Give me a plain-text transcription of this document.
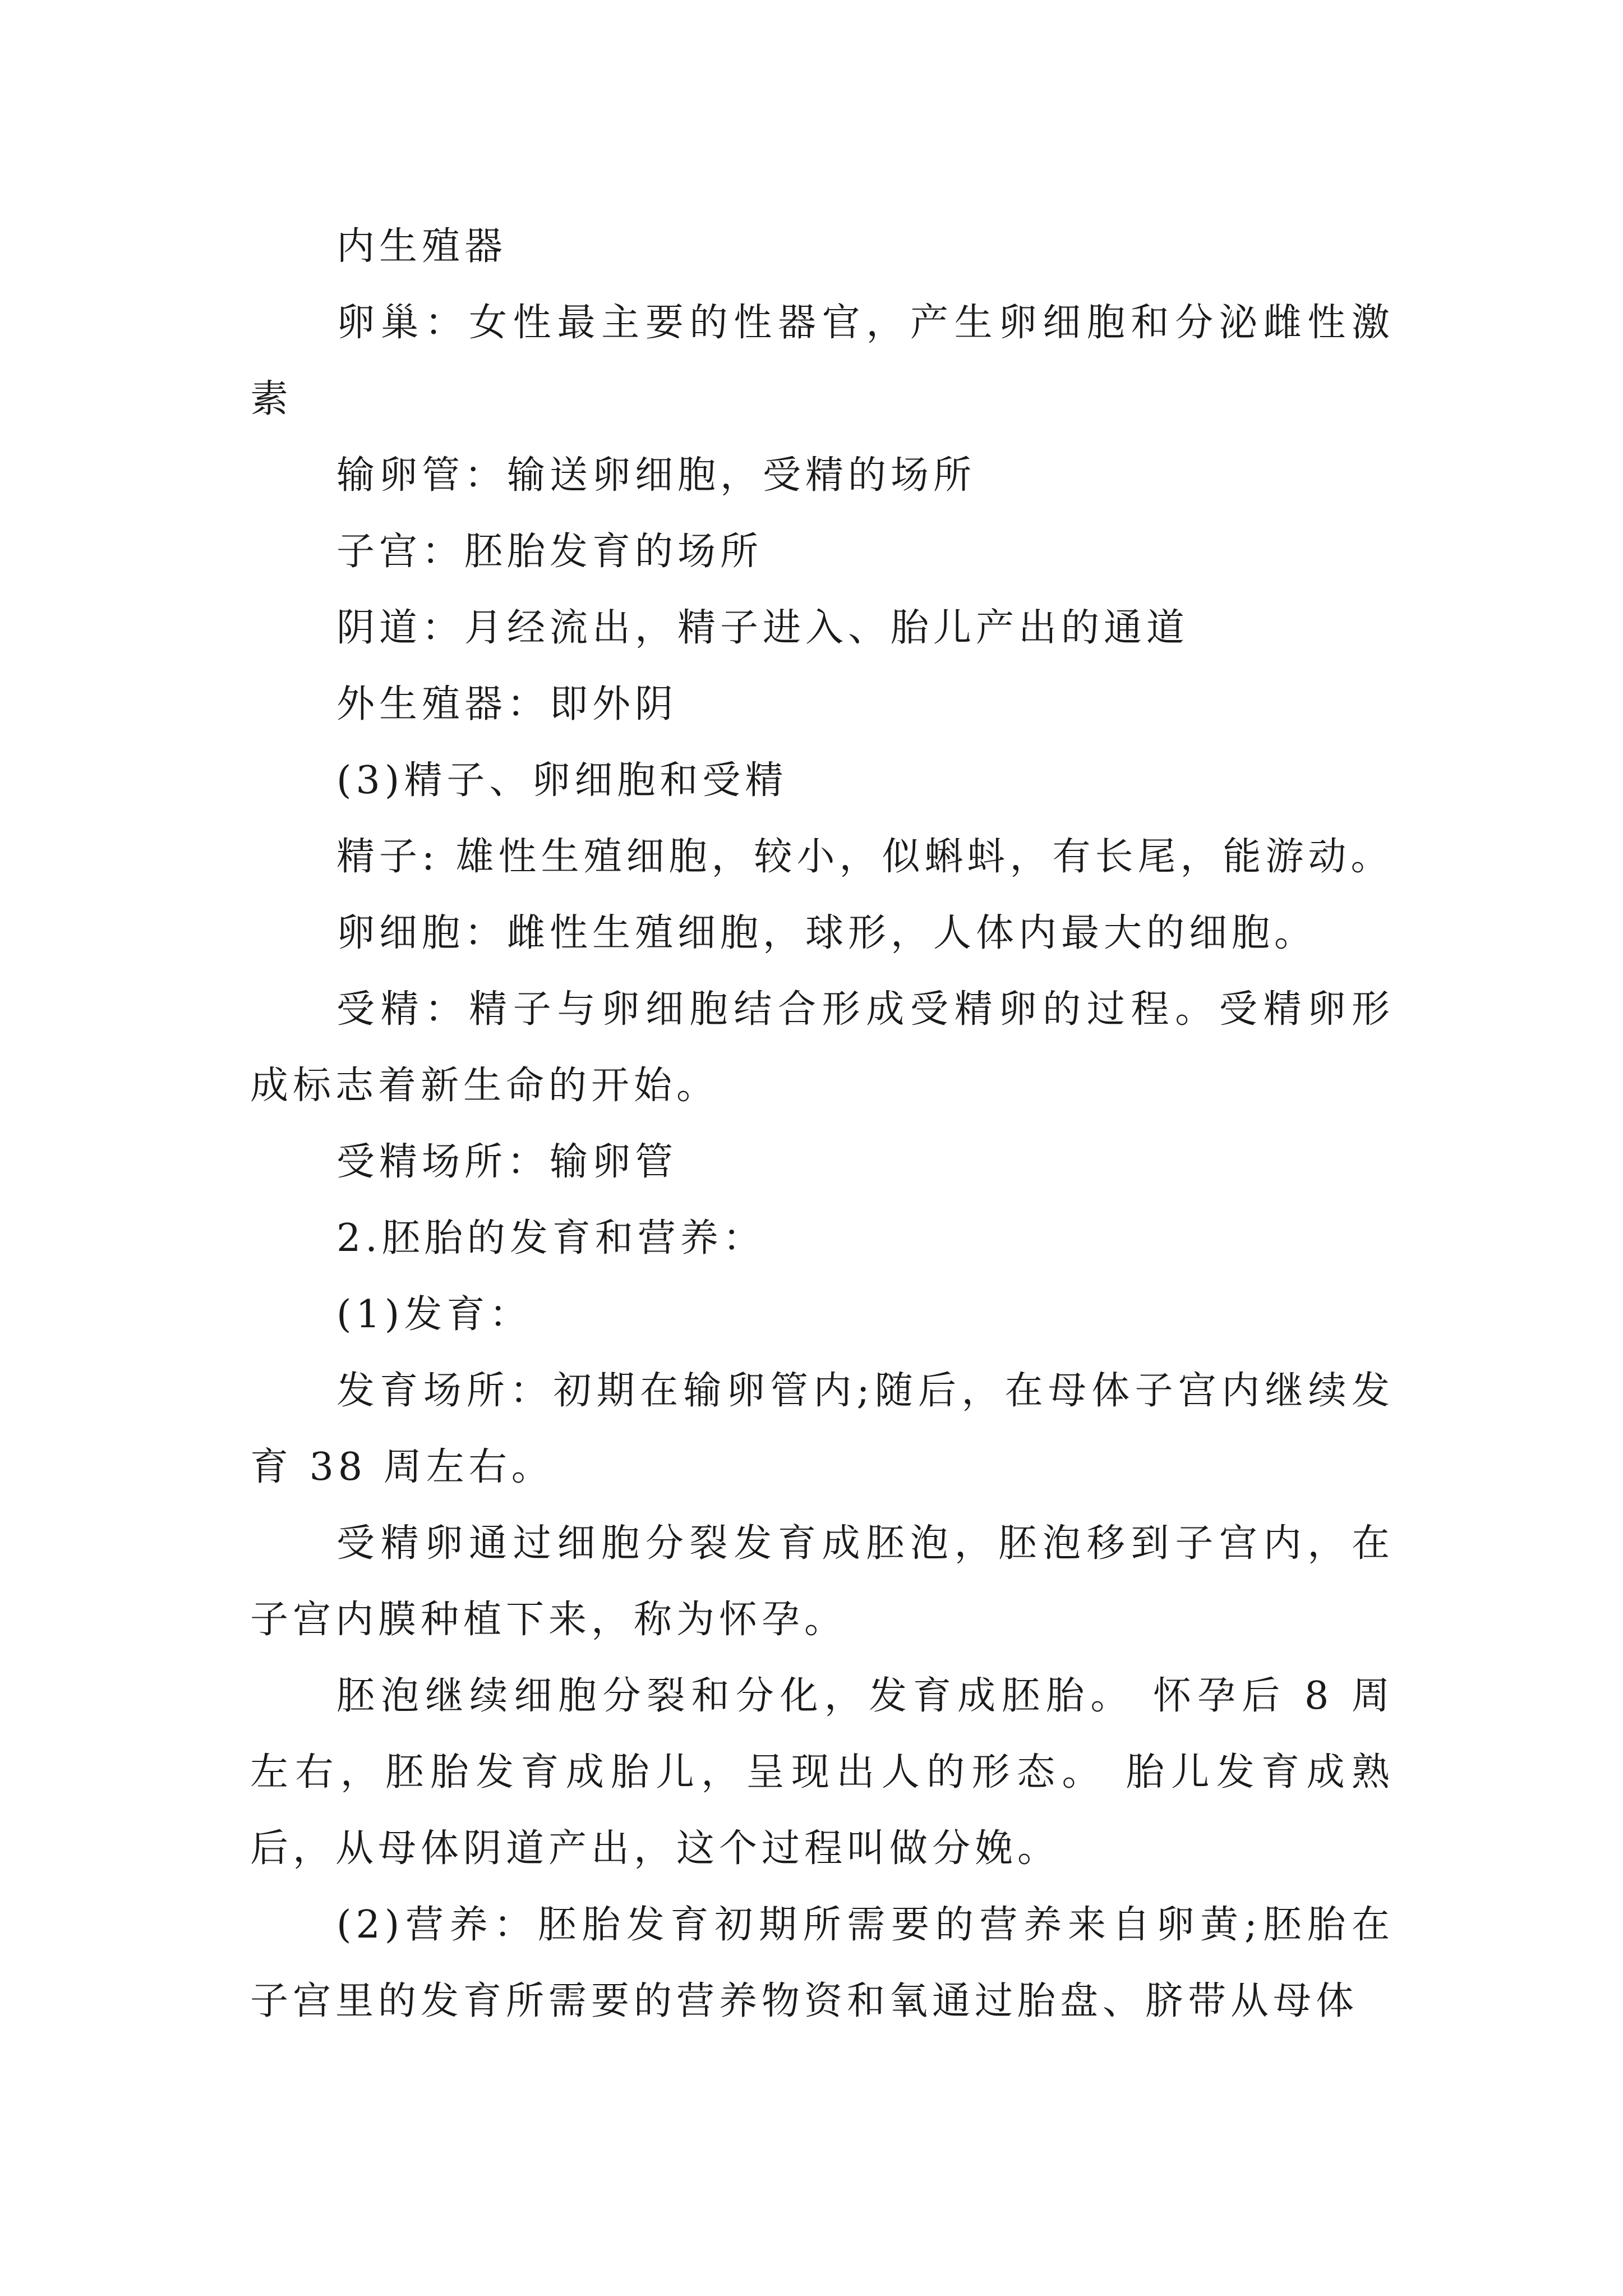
内生殖器

卵巢：女性最主要的性器官，产生卵细胞和分泌雌性激素

输卵管：输送卵细胞，受精的场所

子宫：胚胎发育的场所

阴道：月经流出，精子进入、胎儿产出的通道

外生殖器：即外阴

(3)精子、卵细胞和受精

精子: 雄性生殖细胞，较小，似蝌蚪，有长尾，能游动。

卵细胞：雌性生殖细胞，球形，人体内最大的细胞。

受精：精子与卵细胞结合形成受精卵的过程。受精卵形成标志着新生命的开始。

受精场所：输卵管

2.胚胎的发育和营养：

(1)发育：

发育场所：初期在输卵管内;随后，在母体子宫内继续发育 38 周左右。

受精卵通过细胞分裂发育成胚泡，胚泡移到子宫内，在子宫内膜种植下来，称为怀孕。

胚泡继续细胞分裂和分化，发育成胚胎。 怀孕后 8 周左右，胚胎发育成胎儿，呈现出人的形态。 胎儿发育成熟后，从母体阴道产出，这个过程叫做分娩。

(2)营养：胚胎发育初期所需要的营养来自卵黄;胚胎在子宫里的发育所需要的营养物资和氧通过胎盘、脐带从母体
